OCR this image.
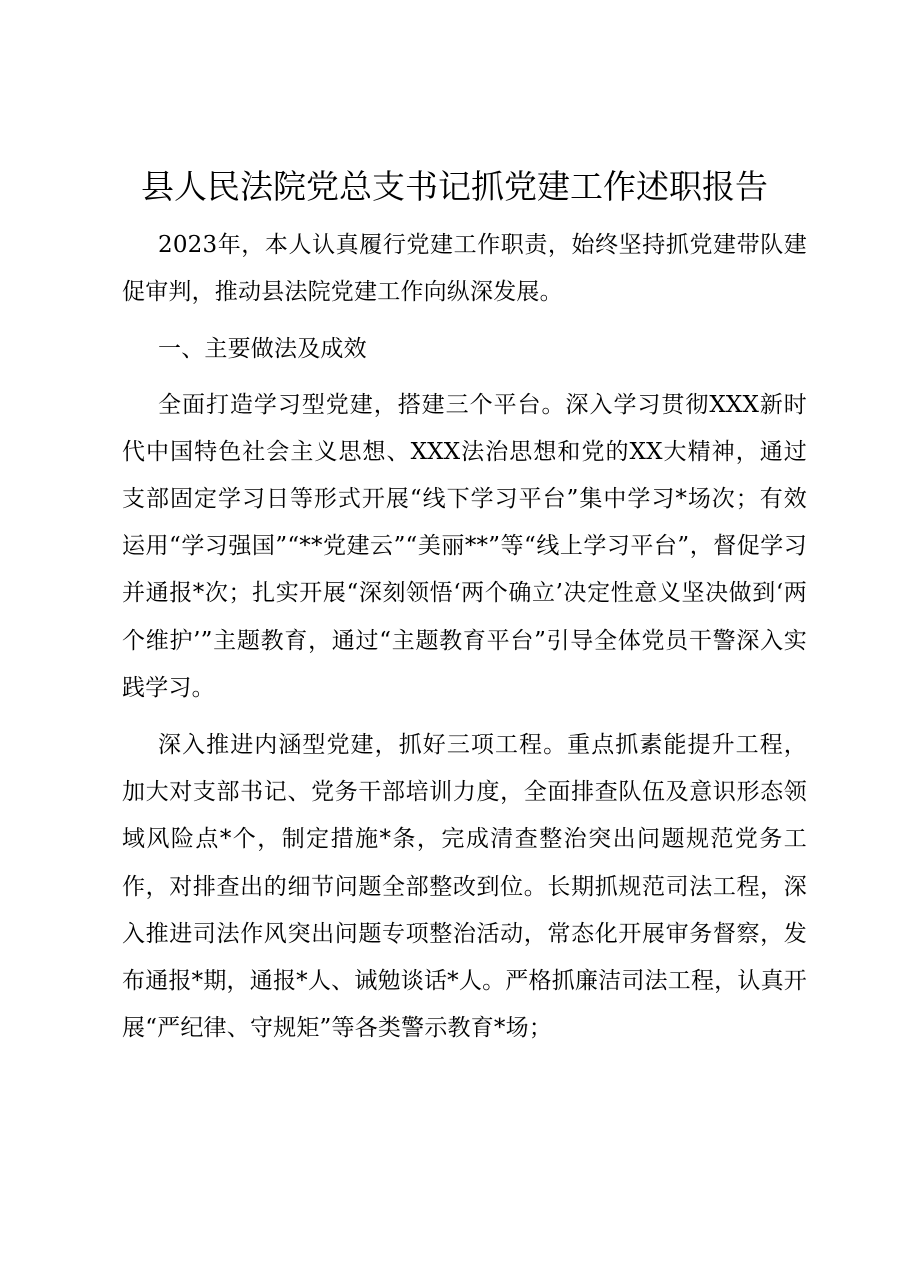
县人民法院党总支书记抓党建工作述职报告

2023年，本人认真履行党建工作职责，始终坚持抓党建带队建促审判，推动县法院党建工作向纵深发展。

一、主要做法及成效

全面打造学习型党建，搭建三个平台。深入学习贯彻XXX新时代中国特色社会主义思想、XXX法治思想和党的XX大精神，通过支部固定学习日等形式开展“线下学习平台”集中学习*场次；有效运用“学习强国”“**党建云”“美丽**”等“线上学习平台”，督促学习并通报*次；扎实开展“深刻领悟‘两个确立’决定性意义坚决做到‘两个维护’”主题教育，通过“主题教育平台”引导全体党员干警深入实践学习。

深入推进内涵型党建，抓好三项工程。重点抓素能提升工程，加大对支部书记、党务干部培训力度，全面排查队伍及意识形态领域风险点*个，制定措施*条，完成清查整治突出问题规范党务工作，对排查出的细节问题全部整改到位。长期抓规范司法工程，深入推进司法作风突出问题专项整治活动，常态化开展审务督察，发布通报*期，通报*人、诫勉谈话*人。严格抓廉洁司法工程，认真开展“严纪律、守规矩”等各类警示教育*场；
